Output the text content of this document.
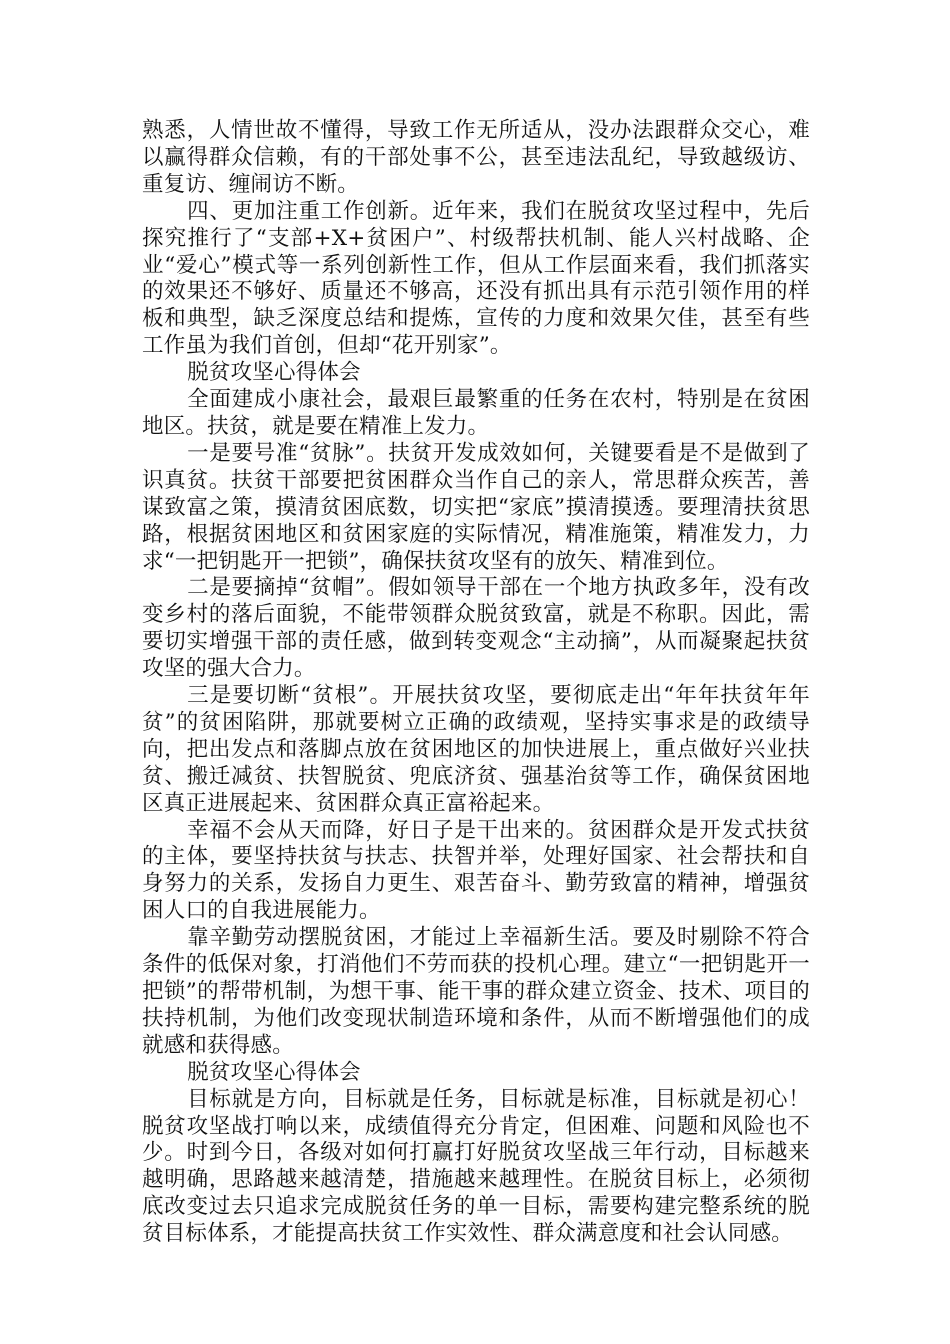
熟悉，人情世故不懂得，导致工作无所适从，没办法跟群众交心，难以赢得群众信赖，有的干部处事不公，甚至违法乱纪，导致越级访、重复访、缠闹访不断。

四、更加注重工作创新。近年来，我们在脱贫攻坚过程中，先后探究推行了“支部+X+贫困户”、村级帮扶机制、能人兴村战略、企业“爱心”模式等一系列创新性工作，但从工作层面来看，我们抓落实的效果还不够好、质量还不够高，还没有抓出具有示范引领作用的样板和典型，缺乏深度总结和提炼，宣传的力度和效果欠佳，甚至有些工作虽为我们首创，但却“花开别家”。

脱贫攻坚心得体会

全面建成小康社会，最艰巨最繁重的任务在农村，特别是在贫困地区。扶贫，就是要在精准上发力。

一是要号准“贫脉”。扶贫开发成效如何，关键要看是不是做到了识真贫。扶贫干部要把贫困群众当作自己的亲人，常思群众疾苦，善谋致富之策，摸清贫困底数，切实把“家底”摸清摸透。要理清扶贫思路，根据贫困地区和贫困家庭的实际情况，精准施策，精准发力，力求“一把钥匙开一把锁”，确保扶贫攻坚有的放矢、精准到位。

二是要摘掉“贫帽”。假如领导干部在一个地方执政多年，没有改变乡村的落后面貌，不能带领群众脱贫致富，就是不称职。因此，需要切实增强干部的责任感，做到转变观念“主动摘”，从而凝聚起扶贫攻坚的强大合力。

三是要切断“贫根”。开展扶贫攻坚，要彻底走出“年年扶贫年年贫”的贫困陷阱，那就要树立正确的政绩观，坚持实事求是的政绩导向，把出发点和落脚点放在贫困地区的加快进展上，重点做好兴业扶贫、搬迁减贫、扶智脱贫、兜底济贫、强基治贫等工作，确保贫困地区真正进展起来、贫困群众真正富裕起来。

幸福不会从天而降，好日子是干出来的。贫困群众是开发式扶贫的主体，要坚持扶贫与扶志、扶智并举，处理好国家、社会帮扶和自身努力的关系，发扬自力更生、艰苦奋斗、勤劳致富的精神，增强贫困人口的自我进展能力。

靠辛勤劳动摆脱贫困，才能过上幸福新生活。要及时剔除不符合条件的低保对象，打消他们不劳而获的投机心理。建立“一把钥匙开一把锁”的帮带机制，为想干事、能干事的群众建立资金、技术、项目的扶持机制，为他们改变现状制造环境和条件，从而不断增强他们的成就感和获得感。

脱贫攻坚心得体会

目标就是方向，目标就是任务，目标就是标准，目标就是初心！脱贫攻坚战打响以来，成绩值得充分肯定，但困难、问题和风险也不少。时到今日，各级对如何打赢打好脱贫攻坚战三年行动，目标越来越明确，思路越来越清楚，措施越来越理性。在脱贫目标上，必须彻底改变过去只追求完成脱贫任务的单一目标，需要构建完整系统的脱贫目标体系，才能提高扶贫工作实效性、群众满意度和社会认同感。
